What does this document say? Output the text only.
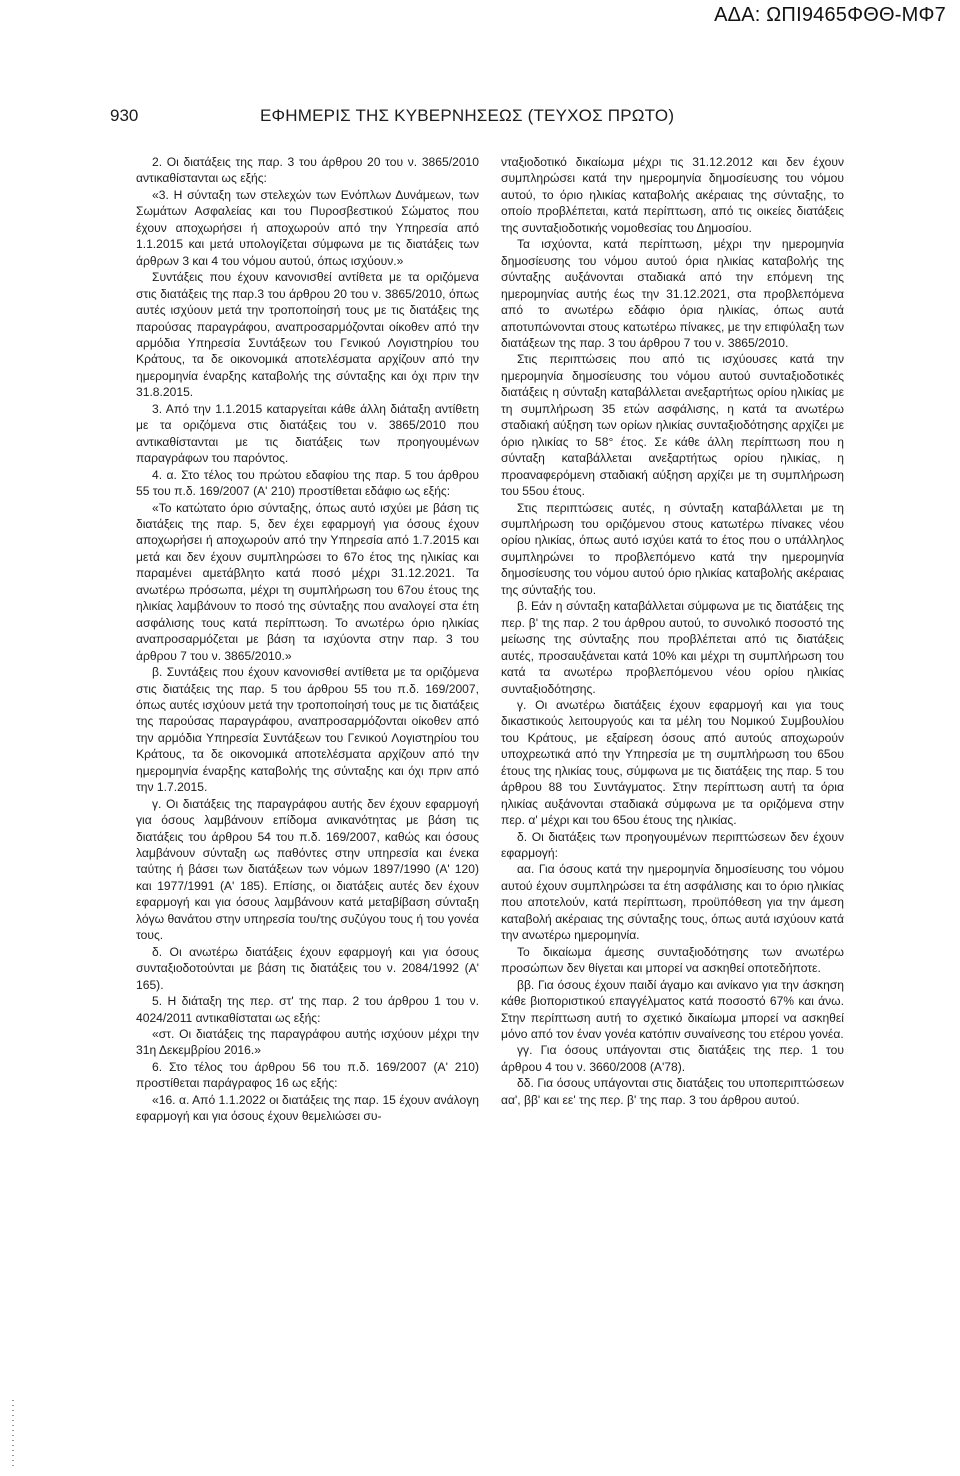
ΑΔΑ: ΩΠΙ9465ΦΘΘ-ΜΦ7
930	ΕΦΗΜΕΡΙΣ ΤΗΣ ΚΥΒΕΡΝΗΣΕΩΣ (ΤΕΥΧΟΣ ΠΡΩΤΟ)

2. Οι διατάξεις της παρ. 3 του άρθρου 20 του ν. 3865/2010 αντικαθίστανται ως εξής:

«3. Η σύνταξη των στελεχών των Ενόπλων Δυνάμεων, των Σωμάτων Ασφαλείας και του Πυροσβεστικού Σώματος που έχουν αποχωρήσει ή αποχωρούν από την Υπηρεσία από 1.1.2015 και μετά υπολογίζεται σύμφωνα με τις διατάξεις των άρθρων 3 και 4 του νόμου αυτού, όπως ισχύουν.»

Συντάξεις που έχουν κανονισθεί αντίθετα με τα οριζόμενα στις διατάξεις της παρ.3 του άρθρου 20 του ν. 3865/2010, όπως αυτές ισχύουν μετά την τροποποίησή τους με τις διατάξεις της παρούσας παραγράφου, αναπροσαρμόζονται οίκοθεν από την αρμόδια Υπηρεσία Συντάξεων του Γενικού Λογιστηρίου του Κράτους, τα δε οικονομικά αποτελέσματα αρχίζουν από την ημερομηνία έναρξης καταβολής της σύνταξης και όχι πριν την 31.8.2015.

3. Από την 1.1.2015 καταργείται κάθε άλλη διάταξη αντίθετη με τα οριζόμενα στις διατάξεις του ν. 3865/2010 που αντικαθίστανται με τις διατάξεις των προηγουμένων παραγράφων του παρόντος.

4. α. Στο τέλος του πρώτου εδαφίου της παρ. 5 του άρθρου 55 του π.δ. 169/2007 (Α' 210) προστίθεται εδάφιο ως εξής:

«Το κατώτατο όριο σύνταξης, όπως αυτό ισχύει με βάση τις διατάξεις της παρ. 5, δεν έχει εφαρμογή για όσους έχουν αποχωρήσει ή αποχωρούν από την Υπηρεσία από 1.7.2015 και μετά και δεν έχουν συμπληρώσει το 67ο έτος της ηλικίας και παραμένει αμετάβλητο κατά ποσό μέχρι 31.12.2021. Τα ανωτέρω πρόσωπα, μέχρι τη συμπλήρωση του 67ου έτους της ηλικίας λαμβάνουν το ποσό της σύνταξης που αναλογεί στα έτη ασφάλισης τους κατά περίπτωση. Το ανωτέρω όριο ηλικίας αναπροσαρμόζεται με βάση τα ισχύοντα στην παρ. 3 του άρθρου 7 του ν. 3865/2010.»

β. Συντάξεις που έχουν κανονισθεί αντίθετα με τα οριζόμενα στις διατάξεις της παρ. 5 του άρθρου 55 του π.δ. 169/2007, όπως αυτές ισχύουν μετά την τροποποίησή τους με τις διατάξεις της παρούσας παραγράφου, αναπροσαρμόζονται οίκοθεν από την αρμόδια Υπηρεσία Συντάξεων του Γενικού Λογιστηρίου του Κράτους, τα δε οικονομικά αποτελέσματα αρχίζουν από την ημερομηνία έναρξης καταβολής της σύνταξης και όχι πριν από την 1.7.2015.

γ. Οι διατάξεις της παραγράφου αυτής δεν έχουν εφαρμογή για όσους λαμβάνουν επίδομα ανικανότητας με βάση τις διατάξεις του άρθρου 54 του π.δ. 169/2007, καθώς και όσους λαμβάνουν σύνταξη ως παθόντες στην υπηρεσία και ένεκα ταύτης ή βάσει των διατάξεων των νόμων 1897/1990 (Α' 120) και 1977/1991 (Α' 185). Επίσης, οι διατάξεις αυτές δεν έχουν εφαρμογή και για όσους λαμβάνουν κατά μεταβίβαση σύνταξη λόγω θανάτου στην υπηρεσία του/της συζύγου τους ή του γονέα τους.

δ. Οι ανωτέρω διατάξεις έχουν εφαρμογή και για όσους συνταξιοδοτούνται με βάση τις διατάξεις του ν. 2084/1992 (Α' 165).

5. Η διάταξη της περ. στ' της παρ. 2 του άρθρου 1 του ν. 4024/2011 αντικαθίσταται ως εξής:

«στ. Οι διατάξεις της παραγράφου αυτής ισχύουν μέχρι την 31η Δεκεμβρίου 2016.»

6. Στο τέλος του άρθρου 56 του π.δ. 169/2007 (Α' 210) προστίθεται παράγραφος 16 ως εξής:

«16. α. Από 1.1.2022 οι διατάξεις της παρ. 15 έχουν ανάλογη εφαρμογή και για όσους έχουν θεμελιώσει συ-

νταξιοδοτικό δικαίωμα μέχρι τις 31.12.2012 και δεν έχουν συμπληρώσει κατά την ημερομηνία δημοσίευσης του νόμου αυτού, το όριο ηλικίας καταβολής ακέραιας της σύνταξης, το οποίο προβλέπεται, κατά περίπτωση, από τις οικείες διατάξεις της συνταξιοδοτικής νομοθεσίας του Δημοσίου.

Τα ισχύοντα, κατά περίπτωση, μέχρι την ημερομηνία δημοσίευσης του νόμου αυτού όρια ηλικίας καταβολής της σύνταξης αυξάνονται σταδιακά από την επόμενη της ημερομηνίας αυτής έως την 31.12.2021, στα προβλεπόμενα από το ανωτέρω εδάφιο όρια ηλικίας, όπως αυτά αποτυπώνονται στους κατωτέρω πίνακες, με την επιφύλαξη των διατάξεων της παρ. 3 του άρθρου 7 του ν. 3865/2010.

Στις περιπτώσεις που από τις ισχύουσες κατά την ημερομηνία δημοσίευσης του νόμου αυτού συνταξιοδοτικές διατάξεις η σύνταξη καταβάλλεται ανεξαρτήτως ορίου ηλικίας με τη συμπλήρωση 35 ετών ασφάλισης, η κατά τα ανωτέρω σταδιακή αύξηση των ορίων ηλικίας συνταξιοδότησης αρχίζει με όριο ηλικίας το 58° έτος. Σε κάθε άλλη περίπτωση που η σύνταξη καταβάλλεται ανεξαρτήτως ορίου ηλικίας, η προαναφερόμενη σταδιακή αύξηση αρχίζει με τη συμπλήρωση του 55ου έτους.

Στις περιπτώσεις αυτές, η σύνταξη καταβάλλεται με τη συμπλήρωση του οριζόμενου στους κατωτέρω πίνακες νέου ορίου ηλικίας, όπως αυτό ισχύει κατά το έτος που ο υπάλληλος συμπληρώνει το προβλεπόμενο κατά την ημερομηνία δημοσίευσης του νόμου αυτού όριο ηλικίας καταβολής ακέραιας της σύνταξής του.

β. Εάν η σύνταξη καταβάλλεται σύμφωνα με τις διατάξεις της περ. β' της παρ. 2 του άρθρου αυτού, το συνολικό ποσοστό της μείωσης της σύνταξης που προβλέπεται από τις διατάξεις αυτές, προσαυξάνεται κατά 10% και μέχρι τη συμπλήρωση του κατά τα ανωτέρω προβλεπόμενου νέου ορίου ηλικίας συνταξιοδότησης.

γ. Οι ανωτέρω διατάξεις έχουν εφαρμογή και για τους δικαστικούς λειτουργούς και τα μέλη του Νομικού Συμβουλίου του Κράτους, με εξαίρεση όσους από αυτούς αποχωρούν υποχρεωτικά από την Υπηρεσία με τη συμπλήρωση του 65ου έτους της ηλικίας τους, σύμφωνα με τις διατάξεις της παρ. 5 του άρθρου 88 του Συντάγματος. Στην περίπτωση αυτή τα όρια ηλικίας αυξάνονται σταδιακά σύμφωνα με τα οριζόμενα στην περ. α' μέχρι και του 65ου έτους της ηλικίας.

δ. Οι διατάξεις των προηγουμένων περιπτώσεων δεν έχουν εφαρμογή:

αα. Για όσους κατά την ημερομηνία δημοσίευσης του νόμου αυτού έχουν συμπληρώσει τα έτη ασφάλισης και το όριο ηλικίας που αποτελούν, κατά περίπτωση, προϋπόθεση για την άμεση καταβολή ακέραιας της σύνταξης τους, όπως αυτά ισχύουν κατά την ανωτέρω ημερομηνία.

Το δικαίωμα άμεσης συνταξιοδότησης των ανωτέρω προσώπων δεν θίγεται και μπορεί να ασκηθεί οποτεδήποτε.

ββ. Για όσους έχουν παιδί άγαμο και ανίκανο για την άσκηση κάθε βιοποριστικού επαγγέλματος κατά ποσοστό 67% και άνω. Στην περίπτωση αυτή το σχετικό δικαίωμα μπορεί να ασκηθεί μόνο από τον έναν γονέα κατόπιν συναίνεσης του ετέρου γονέα.

γγ. Για όσους υπάγονται στις διατάξεις της περ. 1 του άρθρου 4 του ν. 3660/2008 (Α'78).

δδ. Για όσους υπάγονται στις διατάξεις του υποπεριπτώσεων αα', ββ' και εε' της περ. β' της παρ. 3 του άρθρου αυτού.
